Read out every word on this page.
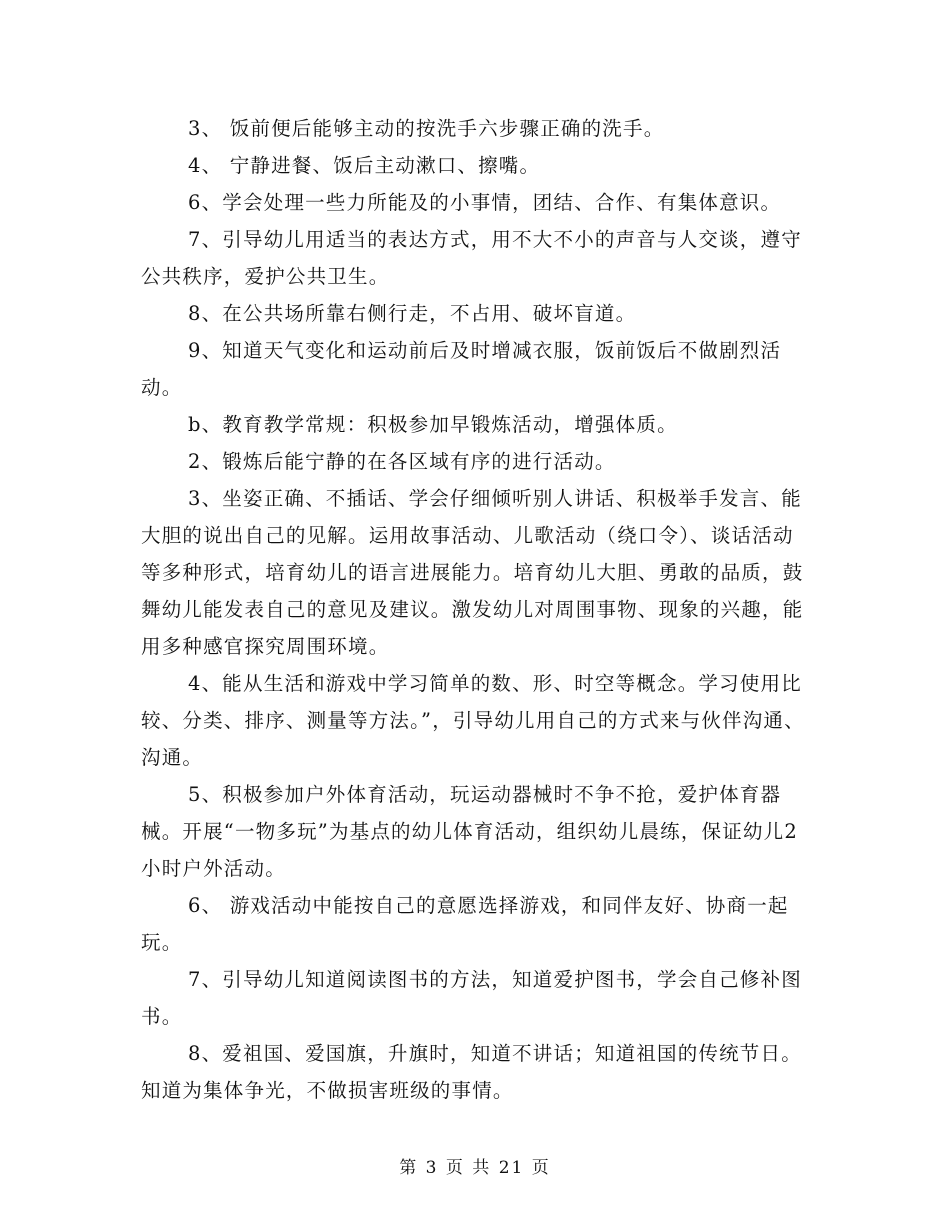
3、 饭前便后能够主动的按洗手六步骤正确的洗手。

4、 宁静进餐、饭后主动漱口、擦嘴。

6、学会处理一些力所能及的小事情，团结、合作、有集体意识。

7、引导幼儿用适当的表达方式，用不大不小的声音与人交谈，遵守公共秩序，爱护公共卫生。

8、在公共场所靠右侧行走，不占用、破坏盲道。

9、知道天气变化和运动前后及时增减衣服，饭前饭后不做剧烈活动。

b、教育教学常规：积极参加早锻炼活动，增强体质。

2、锻炼后能宁静的在各区域有序的进行活动。

3、坐姿正确、不插话、学会仔细倾听别人讲话、积极举手发言、能大胆的说出自己的见解。运用故事活动、儿歌活动（绕口令）、谈话活动等多种形式，培育幼儿的语言进展能力。培育幼儿大胆、勇敢的品质，鼓舞幼儿能发表自己的意见及建议。激发幼儿对周围事物、现象的兴趣，能用多种感官探究周围环境。

4、能从生活和游戏中学习简单的数、形、时空等概念。学习使用比较、分类、排序、测量等方法。”，引导幼儿用自己的方式来与伙伴沟通、沟通。

5、积极参加户外体育活动，玩运动器械时不争不抢，爱护体育器械。开展“一物多玩”为基点的幼儿体育活动，组织幼儿晨练，保证幼儿2小时户外活动。

6、 游戏活动中能按自己的意愿选择游戏，和同伴友好、协商一起玩。

7、引导幼儿知道阅读图书的方法，知道爱护图书，学会自己修补图书。

8、爱祖国、爱国旗，升旗时，知道不讲话；知道祖国的传统节日。知道为集体争光，不做损害班级的事情。

第 3 页 共 21 页
